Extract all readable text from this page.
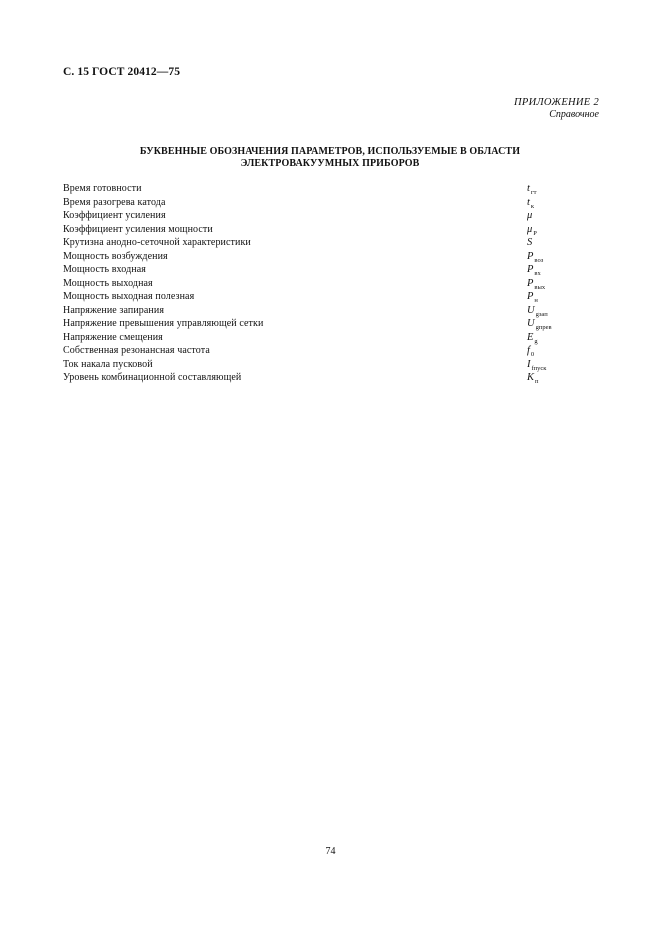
С. 15 ГОСТ 20412—75
ПРИЛОЖЕНИЕ 2
Справочное
БУКВЕННЫЕ ОБОЗНАЧЕНИЯ ПАРАМЕТРОВ, ИСПОЛЬЗУЕМЫЕ В ОБЛАСТИ
ЭЛЕКТРОВАКУУМНЫХ ПРИБОРОВ
Время готовности	$t_{гт}$
Время разогрева катода	$t_к$
Коэффициент усиления	μ
Коэффициент усиления мощности	$\mu_P$
Крутизна анодно-сеточной характеристики	S
Мощность возбуждения	$P_{воз}$
Мощность входная	$P_{вх}$
Мощность выходная	$P_{вых}$
Мощность выходная полезная	$P_н$
Напряжение запирания	$U_{gзап}$
Напряжение превышения управляющей сетки	$U_{gпрев}$
Напряжение смещения	$E_g$
Собственная резонансная частота	$f_0$
Ток накала пусковой	$I_{fпуск}$
Уровень комбинационной составляющей	$K_п$
74
